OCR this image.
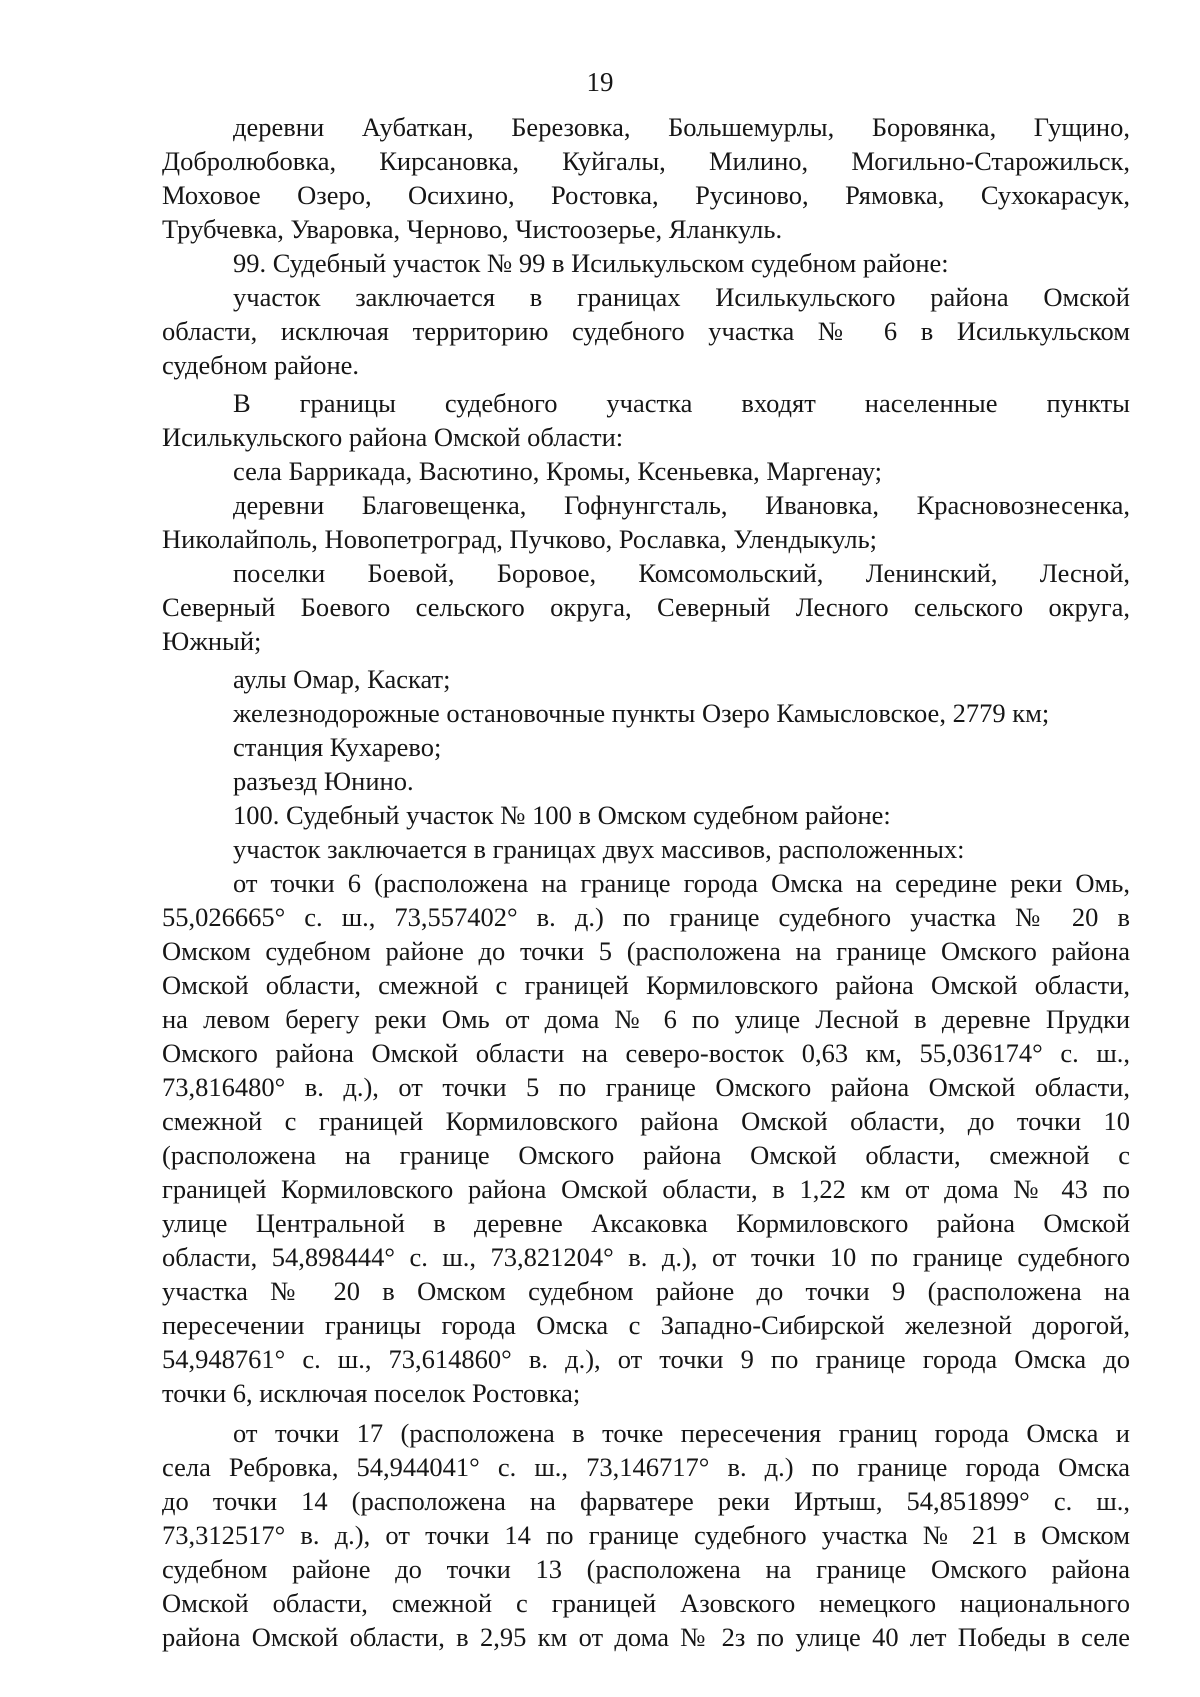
19
деревни Аубаткан, Березовка, Большемурлы, Боровянка, Гущино,
Добролюбовка, Кирсановка, Куйгалы, Милино, Могильно-Старожильск,
Моховое Озеро, Осихино, Ростовка, Русиново, Рямовка, Сухокарасук,
Трубчевка, Уваровка, Черново, Чистоозерье, Яланкуль.
99. Судебный участок № 99 в Исилькульском судебном районе:
участок заключается в границах Исилькульского района Омской
области, исключая территорию судебного участка № 6 в Исилькульском
судебном районе.
В границы судебного участка входят населенные пункты
Исилькульского района Омской области:
села Баррикада, Васютино, Кромы, Ксеньевка, Маргенау;
деревни Благовещенка, Гофнунгсталь, Ивановка, Красновознесенка,
Николайполь, Новопетроград, Пучково, Рославка, Улендыкуль;
поселки Боевой, Боровое, Комсомольский, Ленинский, Лесной,
Северный Боевого сельского округа, Северный Лесного сельского округа,
Южный;
аулы Омар, Каскат;
железнодорожные остановочные пункты Озеро Камысловское, 2779 км;
станция Кухарево;
разъезд Юнино.
100. Судебный участок № 100 в Омском судебном районе:
участок заключается в границах двух массивов, расположенных:
от точки 6 (расположена на границе города Омска на середине реки Омь,
55,026665° с. ш., 73,557402° в. д.) по границе судебного участка № 20 в
Омском судебном районе до точки 5 (расположена на границе Омского района
Омской области, смежной с границей Кормиловского района Омской области,
на левом берегу реки Омь от дома № 6 по улице Лесной в деревне Прудки
Омского района Омской области на северо-восток 0,63 км, 55,036174° с. ш.,
73,816480° в. д.), от точки 5 по границе Омского района Омской области,
смежной с границей Кормиловского района Омской области, до точки 10
(расположена на границе Омского района Омской области, смежной с
границей Кормиловского района Омской области, в 1,22 км от дома № 43 по
улице Центральной в деревне Аксаковка Кормиловского района Омской
области, 54,898444° с. ш., 73,821204° в. д.), от точки 10 по границе судебного
участка № 20 в Омском судебном районе до точки 9 (расположена на
пересечении границы города Омска с Западно-Сибирской железной дорогой,
54,948761° с. ш., 73,614860° в. д.), от точки 9 по границе города Омска до
точки 6, исключая поселок Ростовка;
от точки 17 (расположена в точке пересечения границ города Омска и
села Ребровка, 54,944041° с. ш., 73,146717° в. д.) по границе города Омска
до точки 14 (расположена на фарватере реки Иртыш, 54,851899° с. ш.,
73,312517° в. д.), от точки 14 по границе судебного участка № 21 в Омском
судебном районе до точки 13 (расположена на границе Омского района
Омской области, смежной с границей Азовского немецкого национального
района Омской области, в 2,95 км от дома № 2з по улице 40 лет Победы в селе
